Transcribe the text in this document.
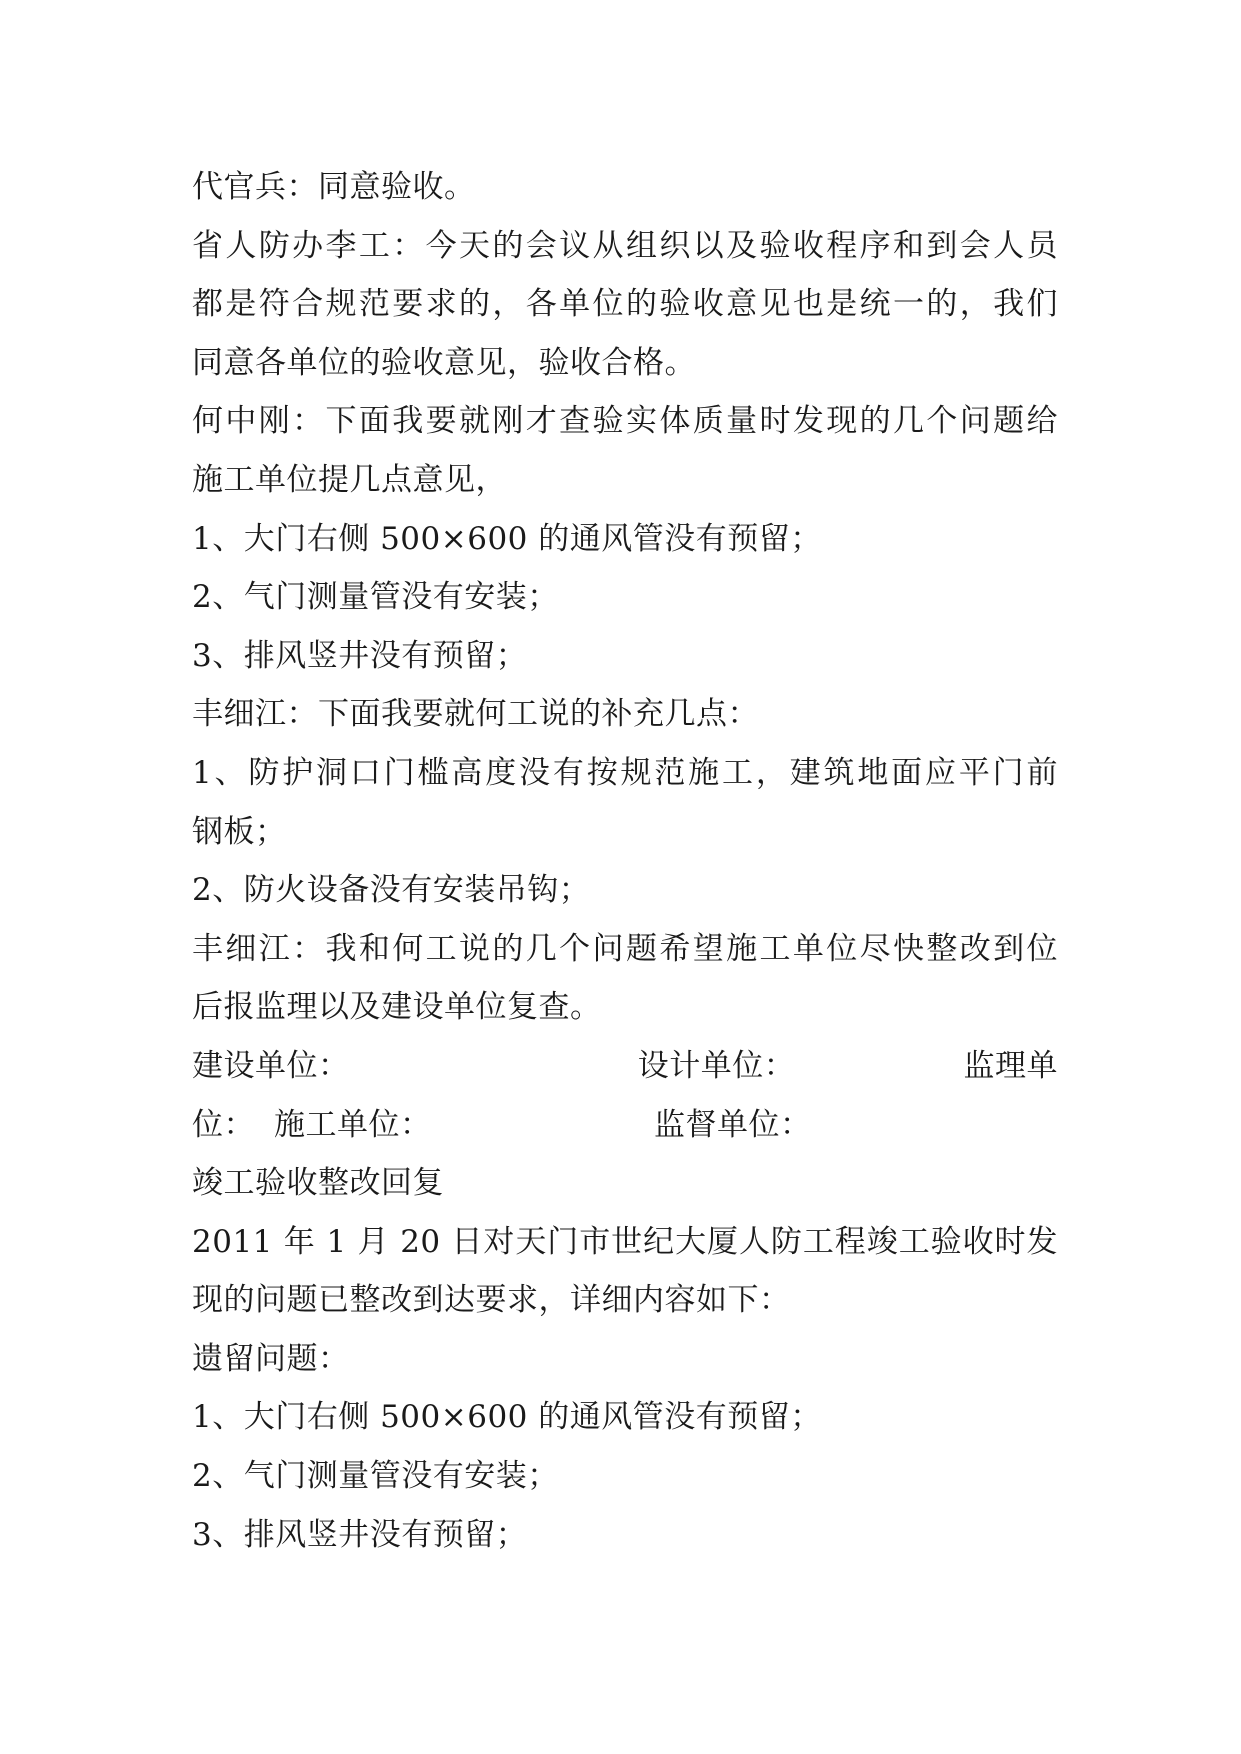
代官兵：同意验收。
省人防办李工：今天的会议从组织以及验收程序和到会人员
都是符合规范要求的，各单位的验收意见也是统一的，我们
同意各单位的验收意见，验收合格。
何中刚：下面我要就刚才查验实体质量时发现的几个问题给
施工单位提几点意见，
1、大门右侧 500×600 的通风管没有预留；
2、气门测量管没有安装；
3、排风竖井没有预留；
丰细江：下面我要就何工说的补充几点：
1、防护洞口门槛高度没有按规范施工，建筑地面应平门前
钢板；
2、防火设备没有安装吊钩；
丰细江：我和何工说的几个问题希望施工单位尽快整改到位
后报监理以及建设单位复查。
建设单位：	设计单位：	监理单
位： 施工单位：	监督单位：
竣工验收整改回复
2011 年 1 月 20 日对天门市世纪大厦人防工程竣工验收时发
现的问题已整改到达要求，详细内容如下：
遗留问题：
1、大门右侧 500×600 的通风管没有预留；
2、气门测量管没有安装；
3、排风竖井没有预留；
